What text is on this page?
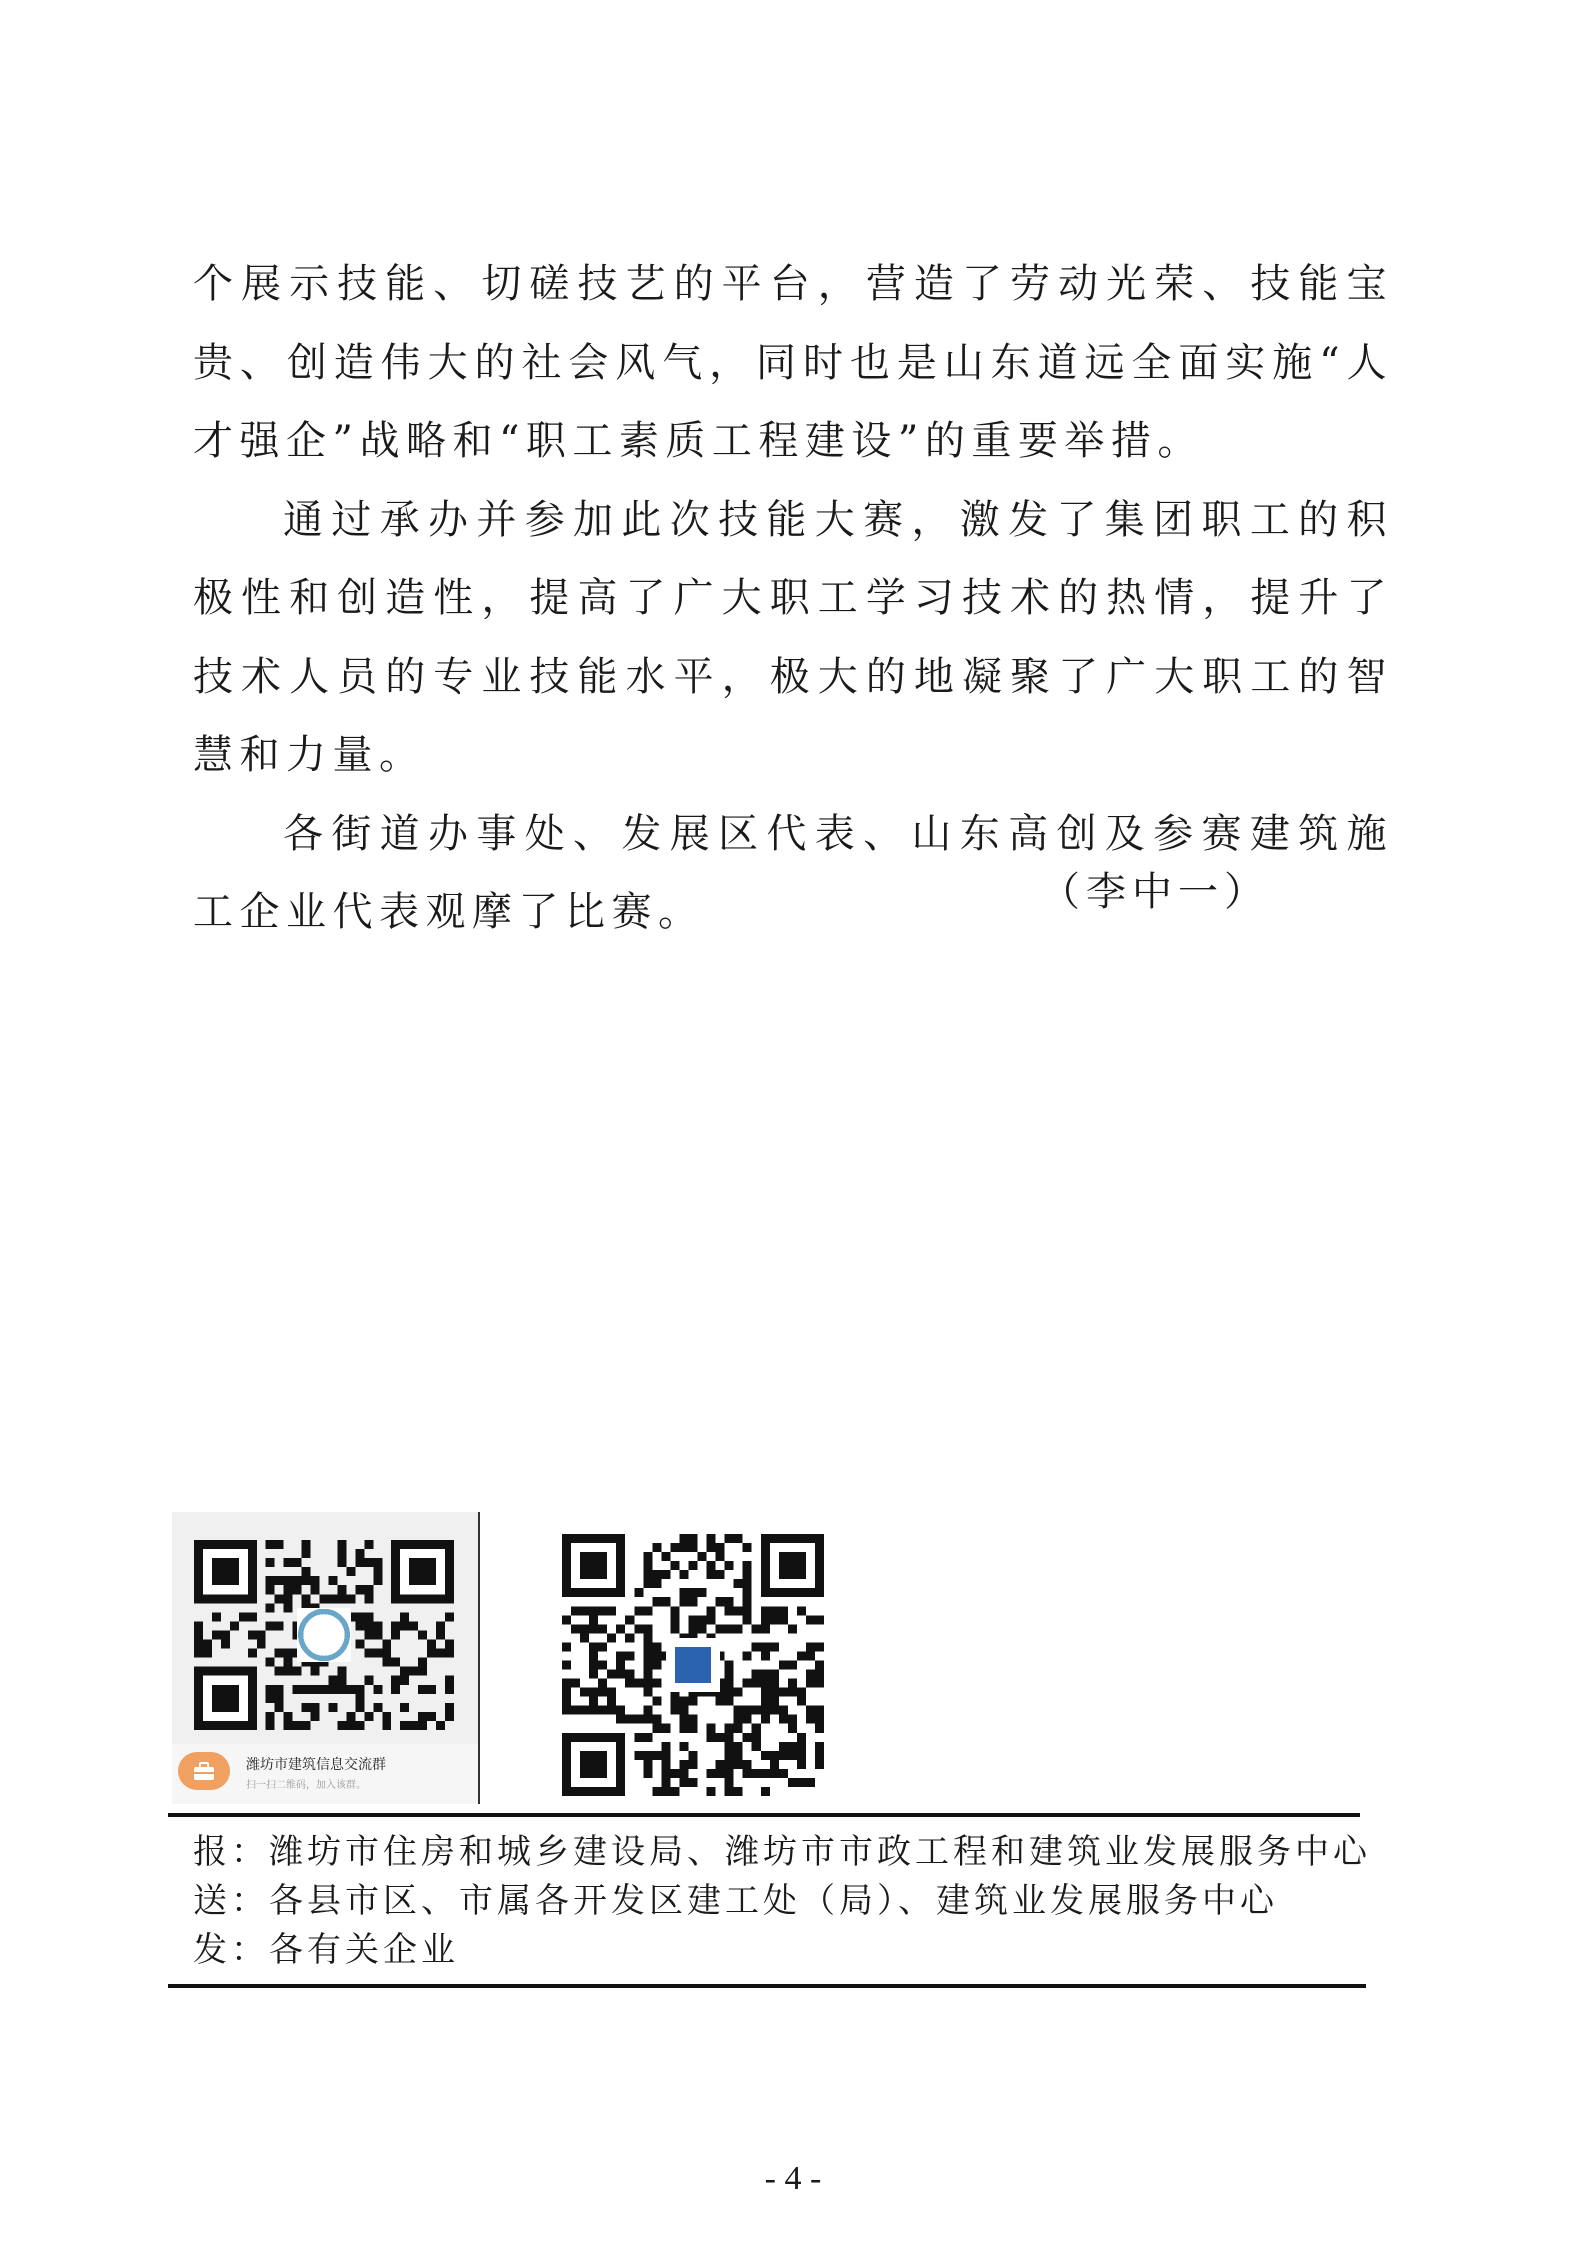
个展示技能、切磋技艺的平台，营造了劳动光荣、技能宝贵、创造伟大的社会风气，同时也是山东道远全面实施“人才强企”战略和“职工素质工程建设”的重要举措。

通过承办并参加此次技能大赛，激发了集团职工的积极性和创造性，提高了广大职工学习技术的热情，提升了技术人员的专业技能水平，极大的地凝聚了广大职工的智慧和力量。

各街道办事处、发展区代表、山东高创及参赛建筑施工企业代表观摩了比赛。	（李中一）

潍坊市建筑信息交流群
扫一扫二维码，加入该群。

报：潍坊市住房和城乡建设局、潍坊市市政工程和建筑业发展服务中心

送：各县市区、市属各开发区建工处（局）、建筑业发展服务中心

发：各有关企业

- 4 -
